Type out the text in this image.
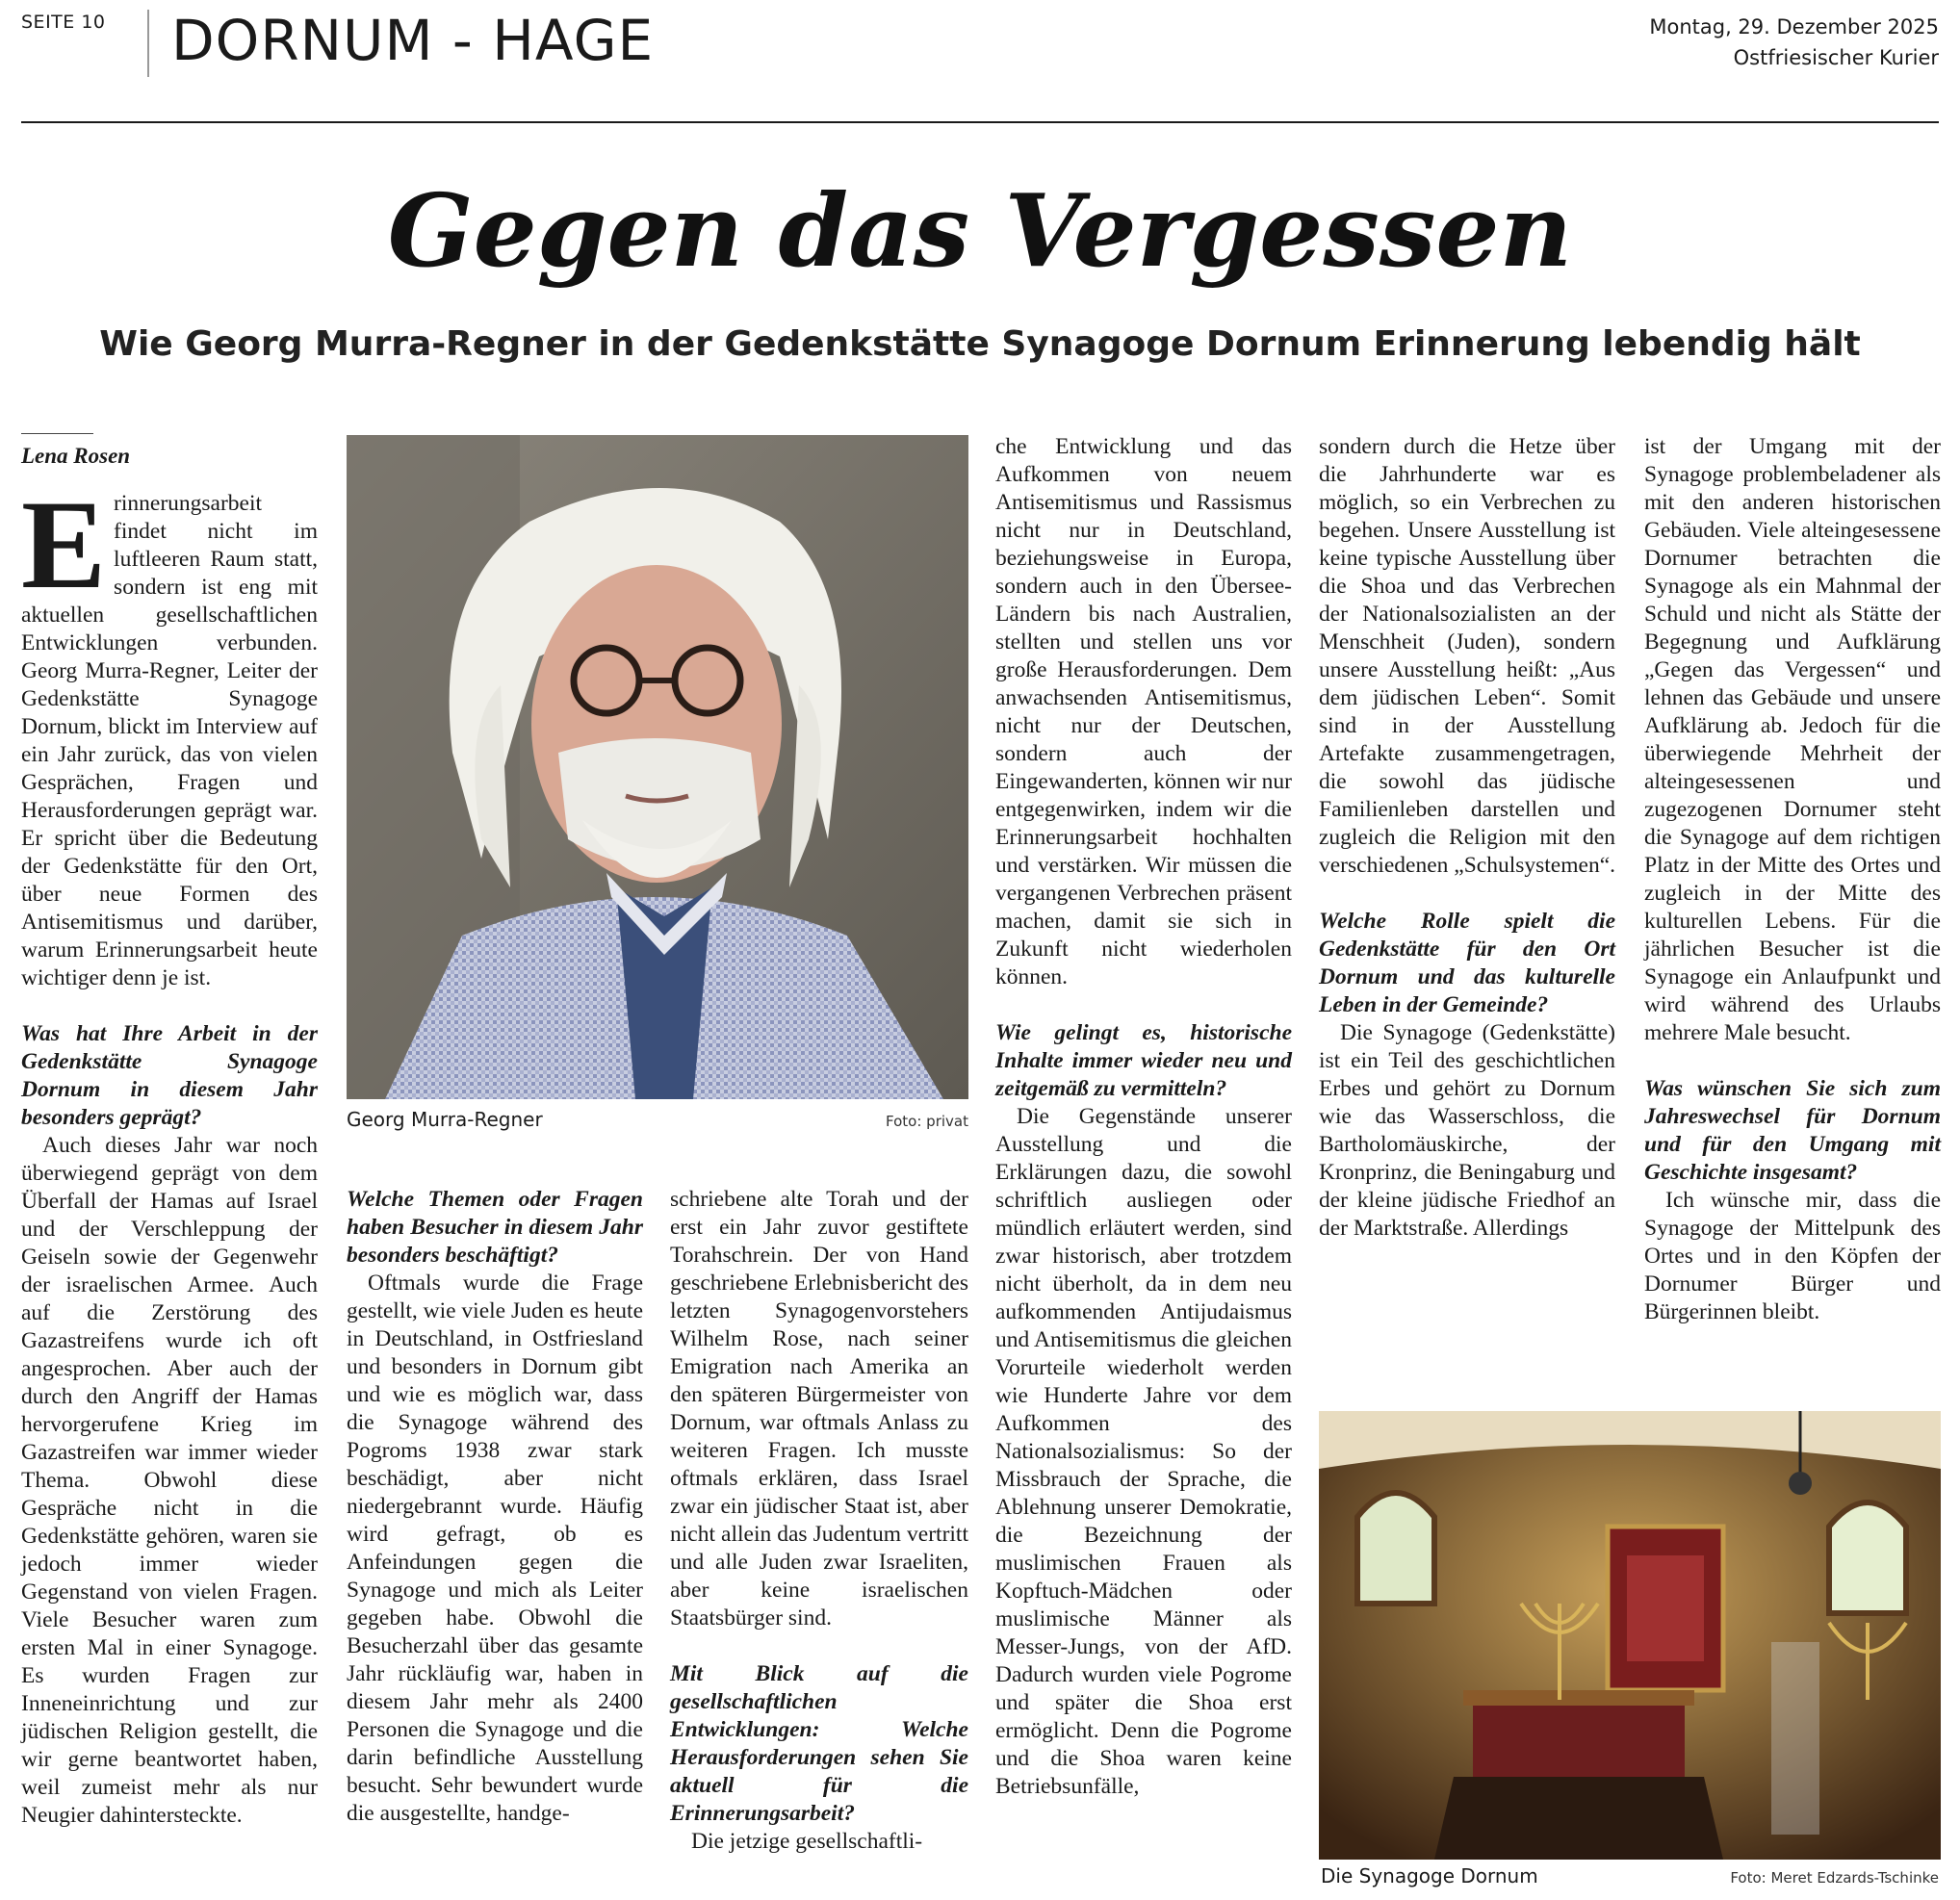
SEITE 10 DORNUM - HAGE	Montag, 29. Dezember 2025
Ostfriesischer Kurier
Gegen das Vergessen
Wie Georg Murra-Regner in der Gedenkstätte Synagoge Dornum Erinnerung lebendig hält
Lena Rosen

E rinnerungsarbeit findet nicht im luftleeren Raum statt, sondern ist eng mit aktuellen gesellschaftlichen Entwicklungen verbunden. Georg Murra-Regner, Leiter der Gedenkstätte Synagoge Dornum, blickt im Interview auf ein Jahr zurück, das von vielen Gesprächen, Fragen und Herausforderungen geprägt war. Er spricht über die Bedeutung der Gedenkstätte für den Ort, über neue Formen des Antisemitismus und darüber, warum Erinnerungsarbeit heute wichtiger denn je ist.

Was hat Ihre Arbeit in der Gedenkstätte Synagoge Dornum in diesem Jahr besonders geprägt?

Auch dieses Jahr war noch überwiegend geprägt von dem Überfall der Hamas auf Israel und der Verschleppung der Geiseln sowie der Gegenwehr der israelischen Armee. Auch auf die Zerstörung des Gazastreifens wurde ich oft angesprochen. Aber auch der durch den Angriff der Hamas hervorgerufene Krieg im Gazastreifen war immer wieder Thema. Obwohl diese Gespräche nicht in die Gedenkstätte gehören, waren sie jedoch immer wieder Gegenstand von vielen Fragen. Viele Besucher waren zum ersten Mal in einer Synagoge. Es wurden Fragen zur Inneneinrichtung und zur jüdischen Religion gestellt, die wir gerne beantwortet haben, weil zumeist mehr als nur Neugier dahintersteckte.

Georg Murra-Regner	Foto: privat

Welche Themen oder Fragen haben Besucher in diesem Jahr besonders beschäftigt?

Oftmals wurde die Frage gestellt, wie viele Juden es heute in Deutschland, in Ostfriesland und besonders in Dornum gibt und wie es möglich war, dass die Synagoge während des Pogroms 1938 zwar stark beschädigt, aber nicht niedergebrannt wurde. Häufig wird gefragt, ob es Anfeindungen gegen die Synagoge und mich als Leiter gegeben habe. Obwohl die Besucherzahl über das gesamte Jahr rückläufig war, haben in diesem Jahr mehr als 2400 Personen die Synagoge und die darin befindliche Ausstellung besucht. Sehr bewundert wurde die ausgestellte, handge-

schriebene alte Torah und der erst ein Jahr zuvor gestiftete Torahschrein. Der von Hand geschriebene Erlebnisbericht des letzten Synagogenvorstehers Wilhelm Rose, nach seiner Emigration nach Amerika an den späteren Bürgermeister von Dornum, war oftmals Anlass zu weiteren Fragen. Ich musste oftmals erklären, dass Israel zwar ein jüdischer Staat ist, aber nicht allein das Judentum vertritt und alle Juden zwar Israeliten, aber keine israelischen Staatsbürger sind.

Mit Blick auf die gesellschaftlichen Entwicklungen: Welche Herausforderungen sehen Sie aktuell für die Erinnerungsarbeit?

Die jetzige gesellschaftli-

che Entwicklung und das Aufkommen von neuem Antisemitismus und Rassismus nicht nur in Deutschland, beziehungsweise in Europa, sondern auch in den Übersee-Ländern bis nach Australien, stellten und stellen uns vor große Herausforderungen. Dem anwachsenden Antisemitismus, nicht nur der Deutschen, sondern auch der Eingewanderten, können wir nur entgegenwirken, indem wir die Erinnerungsarbeit hochhalten und verstärken. Wir müssen die vergangenen Verbrechen präsent machen, damit sie sich in Zukunft nicht wiederholen können.

Wie gelingt es, historische Inhalte immer wieder neu und zeitgemäß zu vermitteln?

Die Gegenstände unserer Ausstellung und die Erklärungen dazu, die sowohl schriftlich ausliegen oder mündlich erläutert werden, sind zwar historisch, aber trotzdem nicht überholt, da in dem neu aufkommenden Antijudaismus und Antisemitismus die gleichen Vorurteile wiederholt werden wie Hunderte Jahre vor dem Aufkommen des Nationalsozialismus: So der Missbrauch der Sprache, die Ablehnung unserer Demokratie, die Bezeichnung der muslimischen Frauen als Kopftuch-Mädchen oder muslimische Männer als Messer-Jungs, von der AfD. Dadurch wurden viele Pogrome und später die Shoa erst ermöglicht. Denn die Pogrome und die Shoa waren keine Betriebsunfälle,

sondern durch die Hetze über die Jahrhunderte war es möglich, so ein Verbrechen zu begehen. Unsere Ausstellung ist keine typische Ausstellung über die Shoa und das Verbrechen der Nationalsozialisten an der Menschheit (Juden), sondern unsere Ausstellung heißt: „Aus dem jüdischen Leben“. Somit sind in der Ausstellung Artefakte zusammengetragen, die sowohl das jüdische Familienleben darstellen und zugleich die Religion mit den verschiedenen „Schulsystemen“.

Welche Rolle spielt die Gedenkstätte für den Ort Dornum und das kulturelle Leben in der Gemeinde?

Die Synagoge (Gedenkstätte) ist ein Teil des geschichtlichen Erbes und gehört zu Dornum wie das Wasserschloss, die Bartholomäuskirche, der Kronprinz, die Beningaburg und der kleine jüdische Friedhof an der Marktstraße. Allerdings

ist der Umgang mit der Synagoge problembeladener als mit den anderen historischen Gebäuden. Viele alteingesessene Dornumer betrachten die Synagoge als ein Mahnmal der Schuld und nicht als Stätte der Begegnung und Aufklärung „Gegen das Vergessen“ und lehnen das Gebäude und unsere Aufklärung ab. Jedoch für die überwiegende Mehrheit der alteingesessenen und zugezogenen Dornumer steht die Synagoge auf dem richtigen Platz in der Mitte des Ortes und zugleich in der Mitte des kulturellen Lebens. Für die jährlichen Besucher ist die Synagoge ein Anlaufpunkt und wird während des Urlaubs mehrere Male besucht.

Was wünschen Sie sich zum Jahreswechsel für Dornum und für den Umgang mit Geschichte insgesamt?

Ich wünsche mir, dass die Synagoge der Mittelpunk des Ortes und in den Köpfen der Dornumer Bürger und Bürgerinnen bleibt.

Die Synagoge Dornum	Foto: Meret Edzards-Tschinke
